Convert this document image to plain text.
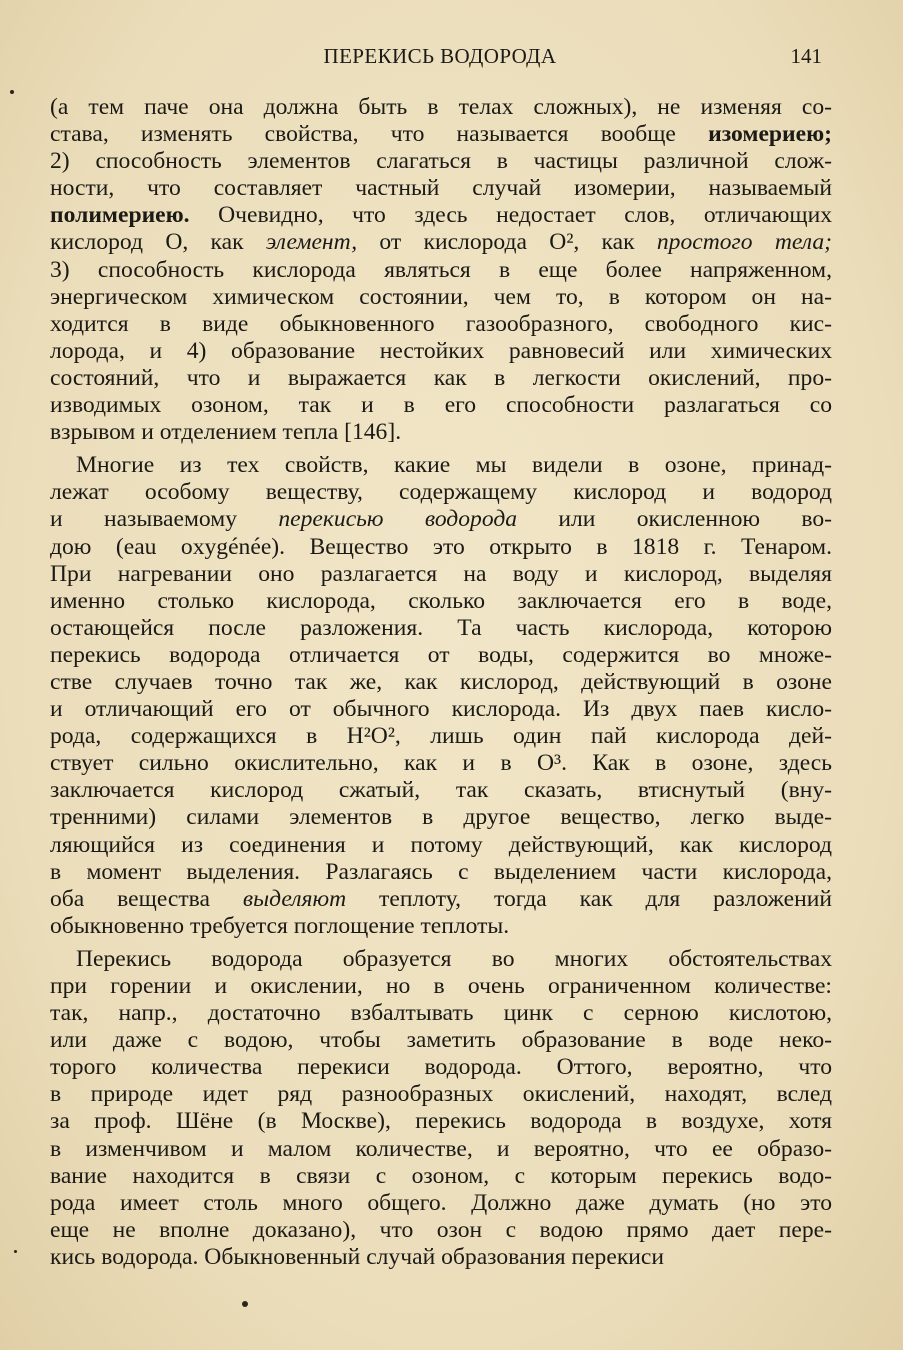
ПЕРЕКИСЬ ВОДОРОДА	141
(а тем паче она должна быть в телах сложных), не изменяя со-
става, изменять свойства, что называется вообще изомериею;
2) способность элементов слагаться в частицы различной слож-
ности, что составляет частный случай изомерии, называемый
полимериею. Очевидно, что здесь недостает слов, отличающих
кислород О, как элемент, от кислорода О², как простого тела;
3) способность кислорода являться в еще более напряженном,
энергическом химическом состоянии, чем то, в котором он на-
ходится в виде обыкновенного газообразного, свободного кис-
лорода, и 4) образование нестойких равновесий или химических
состояний, что и выражается как в легкости окислений, про-
изводимых озоном, так и в его способности разлагаться со
взрывом и отделением тепла [146].
Многие из тех свойств, какие мы видели в озоне, принад-
лежат особому веществу, содержащему кислород и водород
и называемому перекисью водорода или окисленною во-
дою (eau oxygénée). Вещество это открыто в 1818 г. Тенаром.
При нагревании оно разлагается на воду и кислород, выделяя
именно столько кислорода, сколько заключается его в воде,
остающейся после разложения. Та часть кислорода, которою
перекись водорода отличается от воды, содержится во множе-
стве случаев точно так же, как кислород, действующий в озоне
и отличающий его от обычного кислорода. Из двух паев кисло-
рода, содержащихся в Н²О², лишь один пай кислорода дей-
ствует сильно окислительно, как и в О³. Как в озоне, здесь
заключается кислород сжатый, так сказать, втиснутый (вну-
тренними) силами элементов в другое вещество, легко выде-
ляющийся из соединения и потому действующий, как кислород
в момент выделения. Разлагаясь с выделением части кислорода,
оба вещества выделяют теплоту, тогда как для разложений
обыкновенно требуется поглощение теплоты.
Перекись водорода образуется во многих обстоятельствах
при горении и окислении, но в очень ограниченном количестве:
так, напр., достаточно взбалтывать цинк с серною кислотою,
или даже с водою, чтобы заметить образование в воде неко-
торого количества перекиси водорода. Оттого, вероятно, что
в природе идет ряд разнообразных окислений, находят, вслед
за проф. Шёне (в Москве), перекись водорода в воздухе, хотя
в изменчивом и малом количестве, и вероятно, что ее образо-
вание находится в связи с озоном, с которым перекись водо-
рода имеет столь много общего. Должно даже думать (но это
еще не вполне доказано), что озон с водою прямо дает пере-
кись водорода. Обыкновенный случай образования перекиси
